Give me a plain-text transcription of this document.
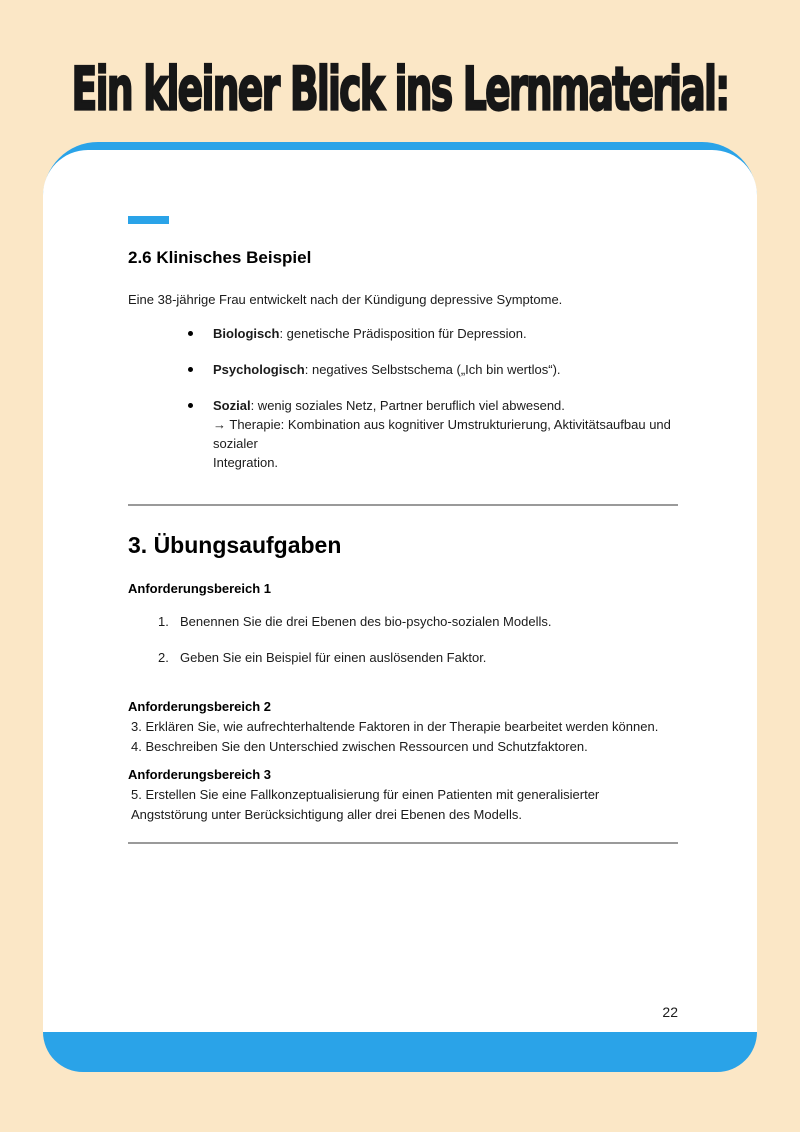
Ein kleiner Blick ins Lernmaterial:
2.6 Klinisches Beispiel

Eine 38-jährige Frau entwickelt nach der Kündigung depressive Symptome.

Biologisch: genetische Prädisposition für Depression.
Psychologisch: negatives Selbstschema („Ich bin wertlos“).
Sozial: wenig soziales Netz, Partner beruflich viel abwesend.
→ Therapie: Kombination aus kognitiver Umstrukturierung, Aktivitätsaufbau und sozialer
Integration.
3. Übungsaufgaben
Anforderungsbereich 1
1. Benennen Sie die drei Ebenen des bio-psycho-sozialen Modells.
2. Geben Sie ein Beispiel für einen auslösenden Faktor.
Anforderungsbereich 2

3. Erklären Sie, wie aufrechterhaltende Faktoren in der Therapie bearbeitet werden können.

4. Beschreiben Sie den Unterschied zwischen Ressourcen und Schutzfaktoren.

Anforderungsbereich 3

5. Erstellen Sie eine Fallkonzeptualisierung für einen Patienten mit generalisierter Angststörung unter Berücksichtigung aller drei Ebenen des Modells.

22
